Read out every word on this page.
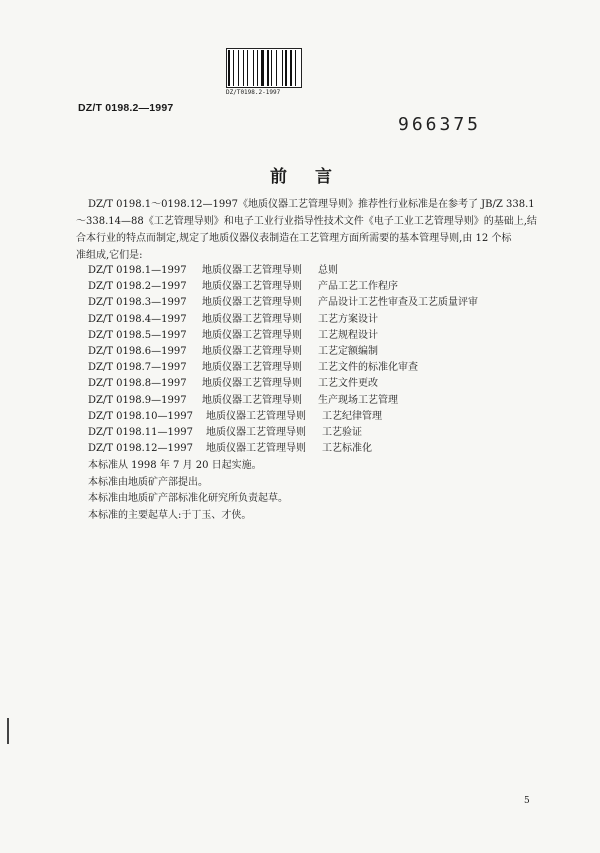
DZ/T0198.2-1997
DZ/T 0198.2—1997
966375
前言
DZ/T 0198.1～0198.12—1997《地质仪器工艺管理导则》推荐性行业标准是在参考了 JB/Z 338.1
～338.14—88《工艺管理导则》和电子工业行业指导性技术文件《电子工业工艺管理导则》的基础上,结
合本行业的特点而制定,规定了地质仪器仪表制造在工艺管理方面所需要的基本管理导则,由 12 个标
准组成,它们是:
DZ/T 0198.1—1997 地质仪器工艺管理导则 总则
DZ/T 0198.2—1997 地质仪器工艺管理导则 产品工艺工作程序
DZ/T 0198.3—1997 地质仪器工艺管理导则 产品设计工艺性审查及工艺质量评审
DZ/T 0198.4—1997 地质仪器工艺管理导则 工艺方案设计
DZ/T 0198.5—1997 地质仪器工艺管理导则 工艺规程设计
DZ/T 0198.6—1997 地质仪器工艺管理导则 工艺定额编制
DZ/T 0198.7—1997 地质仪器工艺管理导则 工艺文件的标准化审查
DZ/T 0198.8—1997 地质仪器工艺管理导则 工艺文件更改
DZ/T 0198.9—1997 地质仪器工艺管理导则 生产现场工艺管理
DZ/T 0198.10—1997 地质仪器工艺管理导则 工艺纪律管理
DZ/T 0198.11—1997 地质仪器工艺管理导则 工艺验证
DZ/T 0198.12—1997 地质仪器工艺管理导则 工艺标准化
本标准从 1998 年 7 月 20 日起实施。
本标准由地质矿产部提出。
本标准由地质矿产部标准化研究所负责起草。
本标准的主要起草人:于丁玉、才侠。
5
